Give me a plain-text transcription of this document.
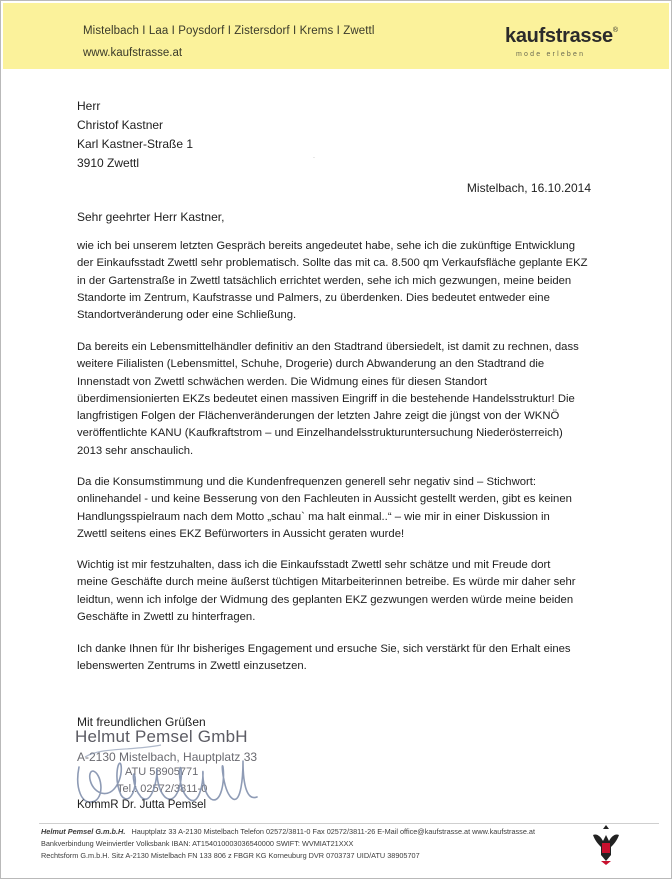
Mistelbach I Laa I Poysdorf I Zistersdorf I Krems I Zwettl
www.kaufstrasse.at
kaufstrasse®
mode erleben
Herr
Christof Kastner
Karl Kastner-Straße 1
3910 Zwettl	·
Mistelbach, 16.10.2014
Sehr geehrter Herr Kastner,
wie ich bei unserem letzten Gespräch bereits angedeutet habe, sehe ich die zukünftige Entwicklung
der Einkaufsstadt Zwettl sehr problematisch. Sollte das mit ca. 8.500 qm Verkaufsfläche geplante EKZ
in der Gartenstraße in Zwettl tatsächlich errichtet werden, sehe ich mich gezwungen, meine beiden
Standorte im Zentrum, Kaufstrasse und Palmers, zu überdenken. Dies bedeutet entweder eine
Standortveränderung oder eine Schließung.
Da bereits ein Lebensmittelhändler definitiv an den Stadtrand übersiedelt, ist damit zu rechnen, dass
weitere Filialisten (Lebensmittel, Schuhe, Drogerie) durch Abwanderung an den Stadtrand die
Innenstadt von Zwettl schwächen werden. Die Widmung eines für diesen Standort
überdimensionierten EKZs bedeutet einen massiven Eingriff in die bestehende Handelsstruktur! Die
langfristigen Folgen der Flächenveränderungen der letzten Jahre zeigt die jüngst von der WKNÖ
veröffentlichte KANU (Kaufkraftstrom – und Einzelhandelsstrukturuntersuchung Niederösterreich)
2013 sehr anschaulich.
Da die Konsumstimmung und die Kundenfrequenzen generell sehr negativ sind – Stichwort:
onlinehandel - und keine Besserung von den Fachleuten in Aussicht gestellt werden, gibt es keinen
Handlungsspielraum nach dem Motto „schau` ma halt einmal..“ – wie mir in einer Diskussion in
Zwettl seitens eines EKZ Befürworters in Aussicht geraten wurde!
Wichtig ist mir festzuhalten, dass ich die Einkaufsstadt Zwettl sehr schätze und mit Freude dort
meine Geschäfte durch meine äußerst tüchtigen Mitarbeiterinnen betreibe. Es würde mir daher sehr
leidtun, wenn ich infolge der Widmung des geplanten EKZ gezwungen werden würde meine beiden
Geschäfte in Zwettl zu hinterfragen.
Ich danke Ihnen für Ihr bisheriges Engagement und ersuche Sie, sich verstärkt für den Erhalt eines
lebenswerten Zentrums in Zwettl einzusetzen.
Mit freundlichen Grüßen
Helmut Pemsel GmbH
A-2130 Mistelbach, Hauptplatz 33
ATU 58905771
Tel.: 02572/3811-0
KommR Dr. Jutta Pemsel
Helmut Pemsel G.m.b.H. Hauptplatz 33 A-2130 Mistelbach Telefon 02572/3811-0 Fax 02572/3811-26 E-Mail office@kaufstrasse.at www.kaufstrasse.at
Bankverbindung Weinviertler Volksbank IBAN: AT154010003036540000 SWIFT: WVMIAT21XXX
Rechtsform G.m.b.H. Sitz A-2130 Mistelbach FN 133 806 z FBGR KG Korneuburg DVR 0703737 UID/ATU 38905707
